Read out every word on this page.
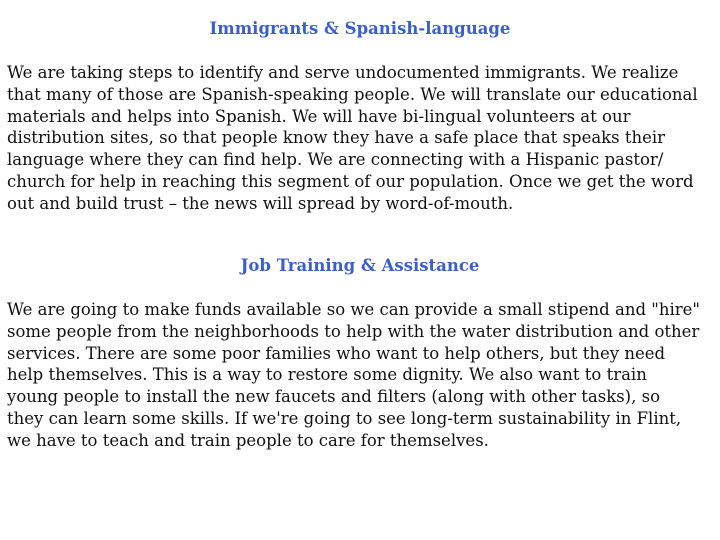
Immigrants & Spanish-language
We are taking steps to identify and serve undocumented immigrants. We realize
that many of those are Spanish-speaking people. We will translate our educational
materials and helps into Spanish. We will have bi-lingual volunteers at our
distribution sites, so that people know they have a safe place that speaks their
language where they can find help. We are connecting with a Hispanic pastor/
church for help in reaching this segment of our population. Once we get the word
out and build trust – the news will spread by word-of-mouth.
Job Training & Assistance
We are going to make funds available so we can provide a small stipend and "hire"
some people from the neighborhoods to help with the water distribution and other
services. There are some poor families who want to help others, but they need
help themselves. This is a way to restore some dignity. We also want to train
young people to install the new faucets and filters (along with other tasks), so
they can learn some skills. If we're going to see long-term sustainability in Flint,
we have to teach and train people to care for themselves.
